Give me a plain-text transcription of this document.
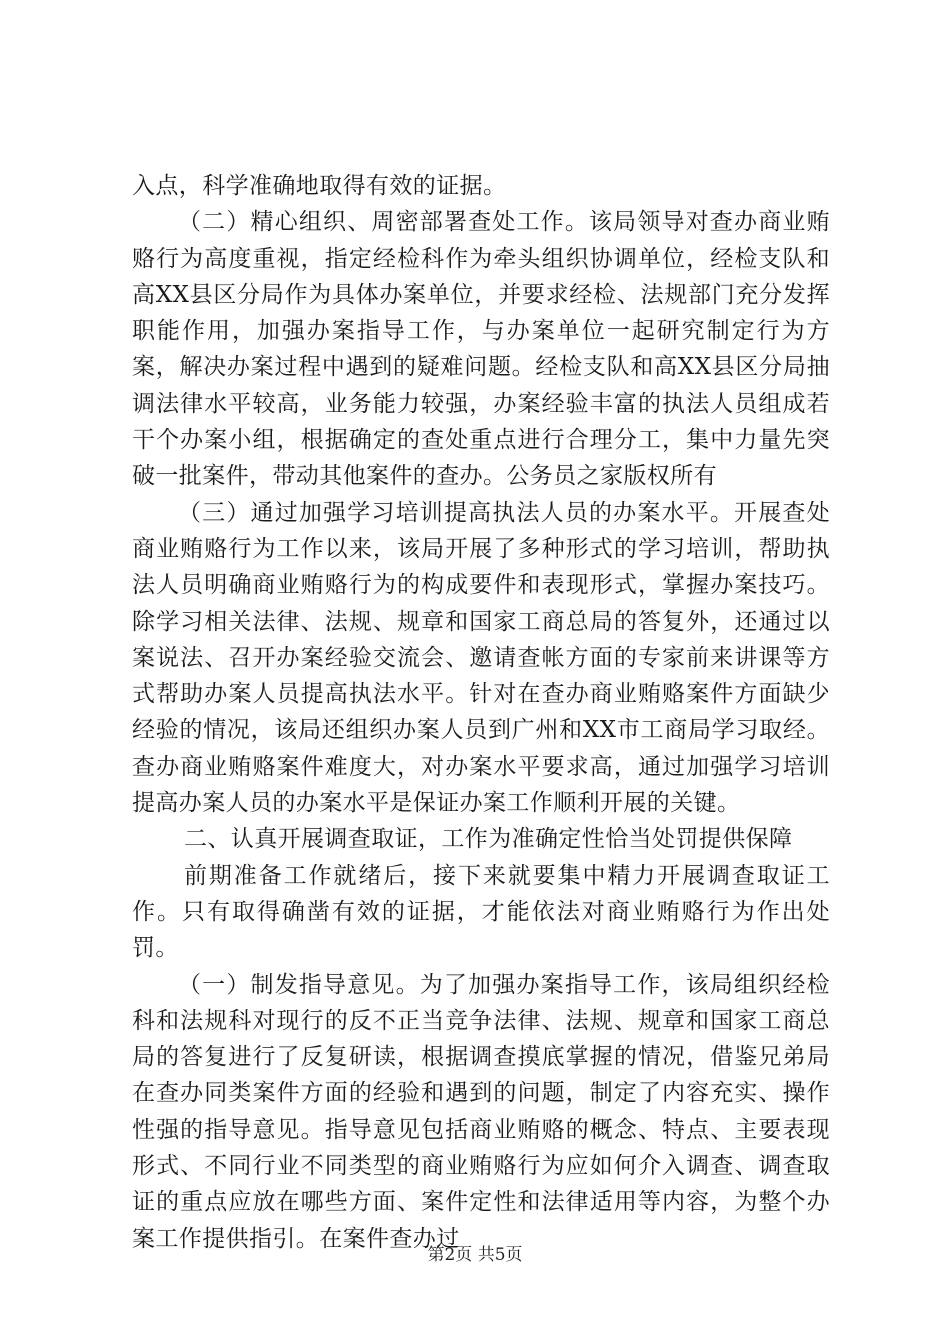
入点，科学准确地取得有效的证据。

（二）精心组织、周密部署查处工作。该局领导对查办商业贿赂行为高度重视，指定经检科作为牵头组织协调单位，经检支队和高XX县区分局作为具体办案单位，并要求经检、法规部门充分发挥职能作用，加强办案指导工作，与办案单位一起研究制定行为方案，解决办案过程中遇到的疑难问题。经检支队和高XX县区分局抽调法律水平较高，业务能力较强，办案经验丰富的执法人员组成若干个办案小组，根据确定的查处重点进行合理分工，集中力量先突破一批案件，带动其他案件的查办。公务员之家版权所有

（三）通过加强学习培训提高执法人员的办案水平。开展查处商业贿赂行为工作以来，该局开展了多种形式的学习培训，帮助执法人员明确商业贿赂行为的构成要件和表现形式，掌握办案技巧。除学习相关法律、法规、规章和国家工商总局的答复外，还通过以案说法、召开办案经验交流会、邀请查帐方面的专家前来讲课等方式帮助办案人员提高执法水平。针对在查办商业贿赂案件方面缺少经验的情况，该局还组织办案人员到广州和XX市工商局学习取经。查办商业贿赂案件难度大，对办案水平要求高，通过加强学习培训提高办案人员的办案水平是保证办案工作顺利开展的关键。

二、认真开展调查取证，工作为准确定性恰当处罚提供保障

前期准备工作就绪后，接下来就要集中精力开展调查取证工作。只有取得确凿有效的证据，才能依法对商业贿赂行为作出处罚。

（一）制发指导意见。为了加强办案指导工作，该局组织经检科和法规科对现行的反不正当竞争法律、法规、规章和国家工商总局的答复进行了反复研读，根据调查摸底掌握的情况，借鉴兄弟局在查办同类案件方面的经验和遇到的问题，制定了内容充实、操作性强的指导意见。指导意见包括商业贿赂的概念、特点、主要表现形式、不同行业不同类型的商业贿赂行为应如何介入调查、调查取证的重点应放在哪些方面、案件定性和法律适用等内容，为整个办案工作提供指引。在案件查办过

第2页 共5页
